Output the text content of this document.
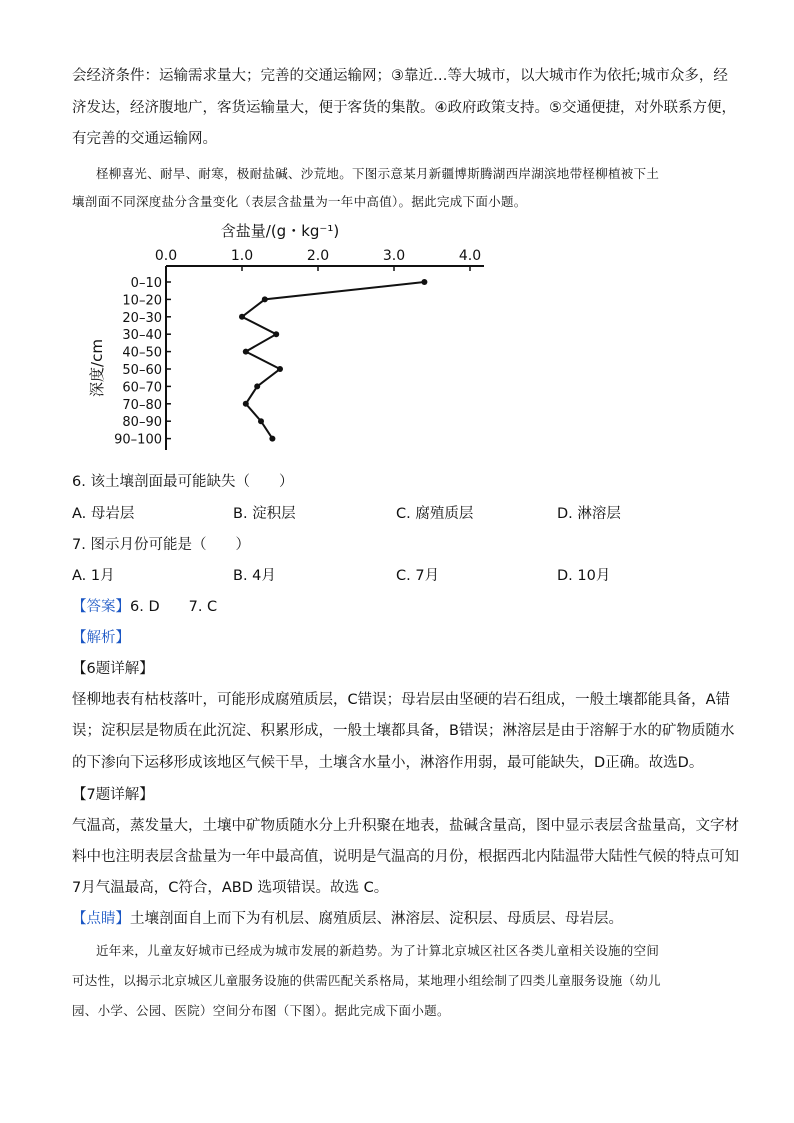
会经济条件：运输需求量大；完善的交通运输网；③靠近…等大城市，以大城市作为依托;城市众多，经
济发达，经济腹地广，客货运输量大，便于客货的集散。④政府政策支持。⑤交通便捷，对外联系方便，
有完善的交通运输网。
柽柳喜光、耐旱、耐寒，极耐盐碱、沙荒地。下图示意某月新疆博斯腾湖西岸湖滨地带柽柳植被下土
壤剖面不同深度盐分含量变化（表层含盐量为一年中高值）。据此完成下面小题。
含盐量/(g・kg⁻¹)
0.0	1.0	2.0	3.0	4.0
0–10
10–20
20–30
30–40
40–50
50–60
60–70
70–80
80–90
90–100
深度/cm
6. 该土壤剖面最可能缺失（　　）
A. 母岩层	B. 淀积层	C. 腐殖质层	D. 淋溶层
7. 图示月份可能是（　　）
A. 1月	B. 4月	C. 7月	D. 10月
【答案】6. D　　7. C
【解析】
【6题详解】
怪柳地表有枯枝落叶，可能形成腐殖质层，C错误；母岩层由坚硬的岩石组成，一般土壤都能具备，A错
误；淀积层是物质在此沉淀、积累形成，一般土壤都具备，B错误；淋溶层是由于溶解于水的矿物质随水
的下渗向下运移形成该地区气候干旱，土壤含水量小，淋溶作用弱，最可能缺失，D正确。故选D。
【7题详解】
气温高，蒸发量大，土壤中矿物质随水分上升积聚在地表，盐碱含量高，图中显示表层含盐量高，文字材
料中也注明表层含盐量为一年中最高值，说明是气温高的月份，根据西北内陆温带大陆性气候的特点可知
7月气温最高，C符合，ABD 选项错误。故选 C。
【点睛】土壤剖面自上而下为有机层、腐殖质层、淋溶层、淀积层、母质层、母岩层。
近年来，儿童友好城市已经成为城市发展的新趋势。为了计算北京城区社区各类儿童相关设施的空间
可达性，以揭示北京城区儿童服务设施的供需匹配关系格局，某地理小组绘制了四类儿童服务设施（幼儿
园、小学、公园、医院）空间分布图（下图）。据此完成下面小题。
